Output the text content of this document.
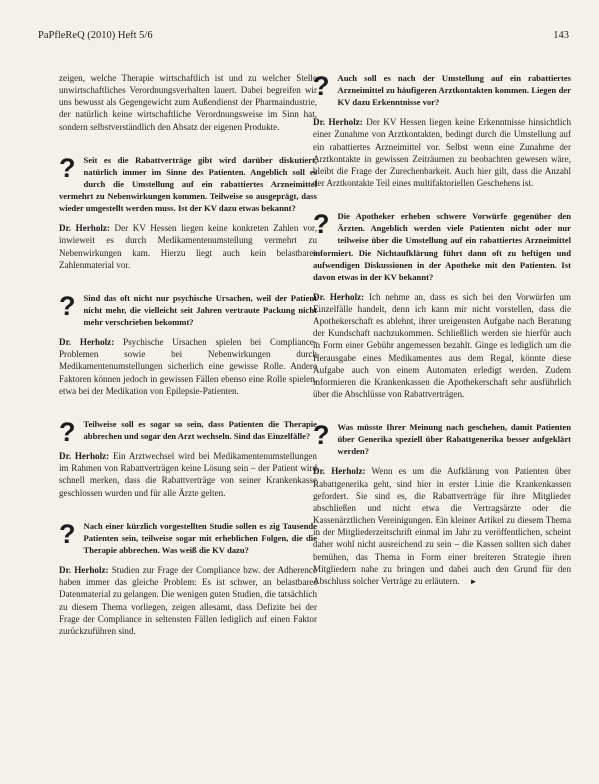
PaPfleReQ (2010) Heft 5/6	143

zeigen, welche Therapie wirtschaftlich ist und zu welcher Stelle unwirtschaftliches Verordnungsverhalten lauert. Dabei begreifen wir uns bewusst als Gegengewicht zum Außendienst der Pharmaindustrie, der natürlich keine wirtschaftliche Verordnungsweise im Sinn hat, sondern selbstverständlich den Absatz der eigenen Produkte.

? Seit es die Rabattverträge gibt wird darüber diskutiert, natürlich immer im Sinne des Patienten. Angeblich soll es durch die Umstellung auf ein rabattiertes Arzneimittel vermehrt zu Nebenwirkungen kommen. Teilweise so ausgeprägt, dass wieder umgestellt werden muss. Ist der KV dazu etwas bekannt?

Dr. Herholz: Der KV Hessen liegen keine konkreten Zahlen vor, inwieweit es durch Medikamentenumstellung vermehrt zu Nebenwirkungen kam. Hierzu liegt auch kein belastbares Zahlenmaterial vor.

? Sind das oft nicht nur psychische Ursachen, weil der Patient nicht mehr, die vielleicht seit Jahren vertraute Packung nicht mehr verschrieben bekommt?

Dr. Herholz: Psychische Ursachen spielen bei Compliance-Problemen sowie bei Nebenwirkungen durch Medikamentenumstellungen sicherlich eine gewisse Rolle. Andere Faktoren können jedoch in gewissen Fällen ebenso eine Rolle spielen, etwa bei der Medikation von Epilepsie-Patienten.

? Teilweise soll es sogar so sein, dass Patienten die Therapie abbrechen und sogar den Arzt wechseln. Sind das Einzelfälle?

Dr. Herholz: Ein Arztwechsel wird bei Medikamentenumstellungen im Rahmen von Rabattverträgen keine Lösung sein – der Patient wird schnell merken, dass die Rabattverträge von seiner Krankenkasse geschlossen wurden und für alle Ärzte gelten.

? Nach einer kürzlich vorgestellten Studie sollen es zig Tausende Patienten sein, teilweise sogar mit erheblichen Folgen, die die Therapie abbrechen. Was weiß die KV dazu?

Dr. Herholz: Studien zur Frage der Compliance bzw. der Adherence haben immer das gleiche Problem: Es ist schwer, an belastbares Datenmaterial zu gelangen. Die wenigen guten Studien, die tatsächlich zu diesem Thema vorliegen, zeigen allesamt, dass Defizite bei der Frage der Compliance in seltensten Fällen lediglich auf einen Faktor zurückzuführen sind.

? Auch soll es nach der Umstellung auf ein rabattiertes Arzneimittel zu häufigeren Arztkontakten kommen. Liegen der KV dazu Erkenntnisse vor?

Dr. Herholz: Der KV Hessen liegen keine Erkenntnisse hinsichtlich einer Zunahme von Arztkontakten, bedingt durch die Umstellung auf ein rabattiertes Arzneimittel vor. Selbst wenn eine Zunahme der Arztkontakte in gewissen Zeiträumen zu beobachten gewesen wäre, bleibt die Frage der Zurechenbarkeit. Auch hier gilt, dass die Anzahl der Arztkontakte Teil eines multifaktoriellen Geschehens ist.

? Die Apotheker erheben schwere Vorwürfe gegenüber den Ärzten. Angeblich werden viele Patienten nicht oder nur teilweise über die Umstellung auf ein rabattiertes Arzneimittel informiert. Die Nichtaufklärung führt dann oft zu heftigen und aufwendigen Diskussionen in der Apotheke mit den Patienten. Ist davon etwas in der KV bekannt?

Dr. Herholz: Ich nehme an, dass es sich bei den Vorwürfen um Einzelfälle handelt, denn ich kann mir nicht vorstellen, dass die Apothekerschaft es ablehnt, ihrer ureigensten Aufgabe nach Beratung der Kundschaft nachzukommen. Schließlich werden sie hierfür auch in Form einer Gebühr angemessen bezahlt. Ginge es lediglich um die Herausgabe eines Medikamentes aus dem Regal, könnte diese Aufgabe auch von einem Automaten erledigt werden. Zudem informieren die Krankenkassen die Apothekerschaft sehr ausführlich über die Abschlüsse von Rabattverträgen.

? Was müsste Ihrer Meinung nach geschehen, damit Patienten über Generika speziell über Rabattgenerika besser aufgeklärt werden?

Dr. Herholz: Wenn es um die Aufklärung von Patienten über Rabattgenerika geht, sind hier in erster Linie die Krankenkassen gefordert. Sie sind es, die Rabattverträge für ihre Mitglieder abschließen und nicht etwa die Vertragsärzte oder die Kassenärztlichen Vereinigungen. Ein kleiner Artikel zu diesem Thema in der Mitgliederzeitschrift einmal im Jahr zu veröffentlichen, scheint daher wohl nicht ausreichend zu sein – die Kassen sollten sich daher bemühen, das Thema in Form einer breiteren Strategie ihren Mitgliedern nahe zu bringen und dabei auch den Grund für den Abschluss solcher Verträge zu erläutern. ►
